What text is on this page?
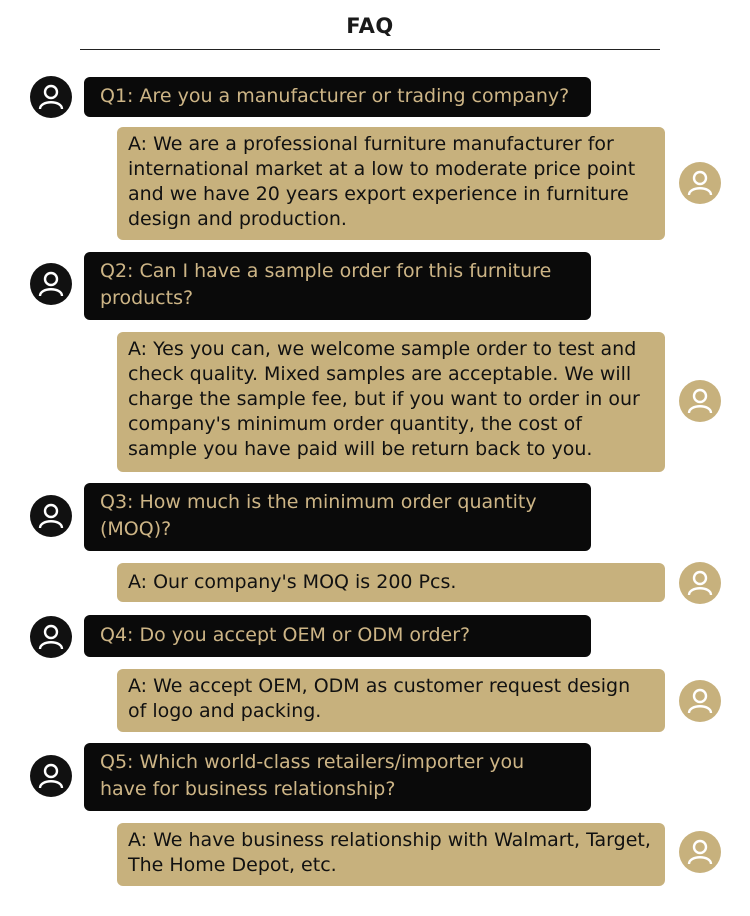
FAQ
Q1: Are you a manufacturer or trading company?
A: We are a professional furniture manufacturer for international market at a low to moderate price point and we have 20 years export experience in furniture design and production.
Q2: Can I have a sample order for this furniture products?
A: Yes you can, we welcome sample order to test and check quality. Mixed samples are acceptable. We will charge the sample fee, but if you want to order in our company's minimum order quantity, the cost of sample you have paid will be return back to you.
Q3: How much is the minimum order quantity (MOQ)?
A: Our company's MOQ is 200 Pcs.
Q4: Do you accept OEM or ODM order?
A: We accept OEM, ODM as customer request design of logo and packing.
Q5: Which world-class retailers/importer you have for business relationship?
A: We have business relationship with Walmart, Target, The Home Depot, etc.
